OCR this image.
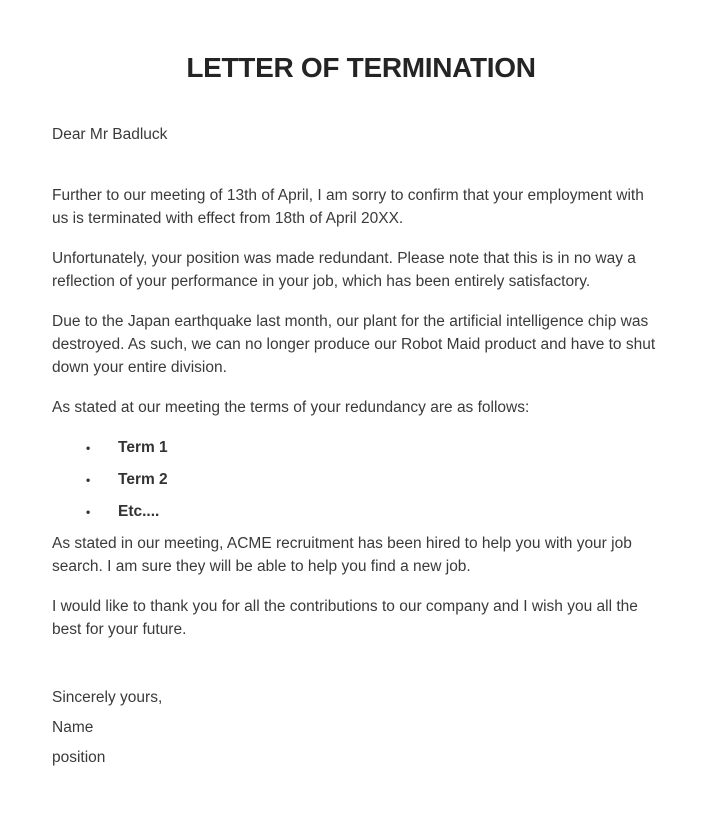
LETTER OF TERMINATION
Dear Mr Badluck
Further to our meeting of 13th of April, I am sorry to confirm that your employment with
us is terminated with effect from 18th of April 20XX.
Unfortunately, your position was made redundant. Please note that this is in no way a
reflection of your performance in your job, which has been entirely satisfactory.
Due to the Japan earthquake last month, our plant for the artificial intelligence chip was
destroyed. As such, we can no longer produce our Robot Maid product and have to shut
down your entire division.
As stated at our meeting the terms of your redundancy are as follows:
•	Term 1
•	Term 2
•	Etc....
As stated in our meeting, ACME recruitment has been hired to help you with your job
search. I am sure they will be able to help you find a new job.
I would like to thank you for all the contributions to our company and I wish you all the
best for your future.
Sincerely yours,
Name
position
